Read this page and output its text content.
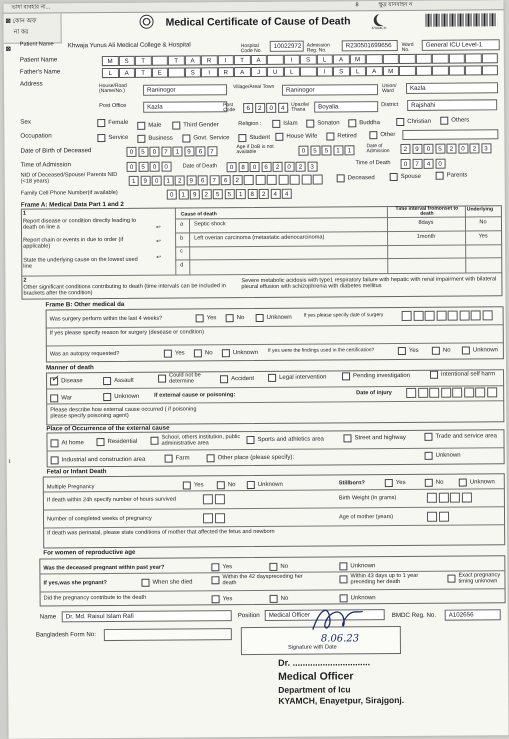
ভাষা ব্যবহার না...	8	ক্ষুদ্র যানবাহন ন
⊠ কোন অফ
না কর
⊠
Medical Certificate of Cause of Death	KYAMCH
Patient Name	Khwaja Yunus Ali Medical College & Hospital	Hospital Code No.
10022972	Admission Reg. No.
R230501699656	Ward No.
General ICU Level-1
Patient Name	M	S	T	T	A	R	I	T	A	I	S	L	A	M
Father's Name	L	A	T	E	S	I	R	A	J	U	L	I	S	L	A	M
Address	House/Road (Name/No.)	Raninogor	Village/Area/ Town	Raninogor
Union/ Ward	Kazla
Post Office	Kazla	Post Code	6	2	0	4
Upazila/ Thana	Boyalia	District	Rajshahi
Sex	Female	Male	Third Gender	Religion :	Islam	Sonaton	Buddha	Christian	Others
Occupation	Service	Business	Govt. Service	Student	House Wife	Retired	Other
Date of Birth of Deceased	0	5	0	7	1	9	6	7
Age if DoB is not available	0	5	5	1	1
Date of Admission	2	9	0	5	2	0	2	3
Time of Admission	0	5	0	0	Date of Death	0	8	0	6	2	0	2	3
Time of Death	0	7	4	0
NID of Deceased/Spouse/ Parents NID (<18 years)	1	9	0	1	2	9	6	7	6	2	Deceased	Spouse	Parents
Family Cell Phone Number(if available)	0	1	9	2	5	5	1	8	2	4	4
Frame A: Medical Data Part 1 and 2
1
Report disease or condition directly leading to death on line a
Report chain or events in due to order (if applicable)
State the underlying cause on the lowest used line
↩
↩
↩
Cause of death
Time interval fromonset to death
Underlying
a Septic shock	8days	No
b Left overian carcinoma (metastatic adenocarcinoma)	1month	Yes
c
d
2
Other significant conditions contributing to death (time intervals can be included in brackets after the condition)
Severe metabolic acidosis with type1 respiratory failure with hepatic with renal impairment with bilateral pleural effusion with schizophrenia with diabetes mellitus
Frame B: Other medical da
Was surgery perform within the last 4 weeks?	Yes	No	Unknown If yes please specify date of surgery
If yes please specify reason for surgery (desease or condition)
Was an autopsy requested?	Yes	No	Unknown If yes were the findings used in the certification?	Yes	No	Unknown
Manner of death
✓ Disease	Assault
Could not be determine	Accident	Legal intervention	Pending investigation	Intentional self harm
War	Unknown	If external cause or poisoning:	Date of injury
Please describe how external cause occurred ( if poisoning please specify poisoning agent)
Place of Occurrence of the external cause
At home	Residential
School, others institution, public administrative area
Sports and athletics area	Street and highway	Trade and service area
Industrial and construction area	Farm	Other place (please specify):	Unknown
Fetal or Infant Death
Multiple Pregnancy	Yes	No	Unknown	Stillborn?	Yes	No	Unknown
If death within 24h specify number of hours survived	Birth Weight (In grams)
Number of completed weeks of pregnancy	Age of mother (years)
If death was perinatal, please state conditions of mother that affected the fetus and newborn
For women of reproductive age
Was the deceased pregnant within past year?	Yes	No	Unknown
If yes,was she prgnant?	When she died
Within the 42 dayspreceding her death
Within 43 days up to 1 year preceding her death
Exact pregnancy timing unknown
Did the pregnancy contribute to the death	Yes	No	Unknown
Name	Dr. Md. Raisul Islam Rafi	Position	Medical Officer	BMDC Reg. No.	A102656
Bangladesh Form No:	8.06.23
Signature with Date
Dr. ...............................
Medical Officer
Department of Icu
KYAMCH, Enayetpur, Sirajgonj.
ɪ
